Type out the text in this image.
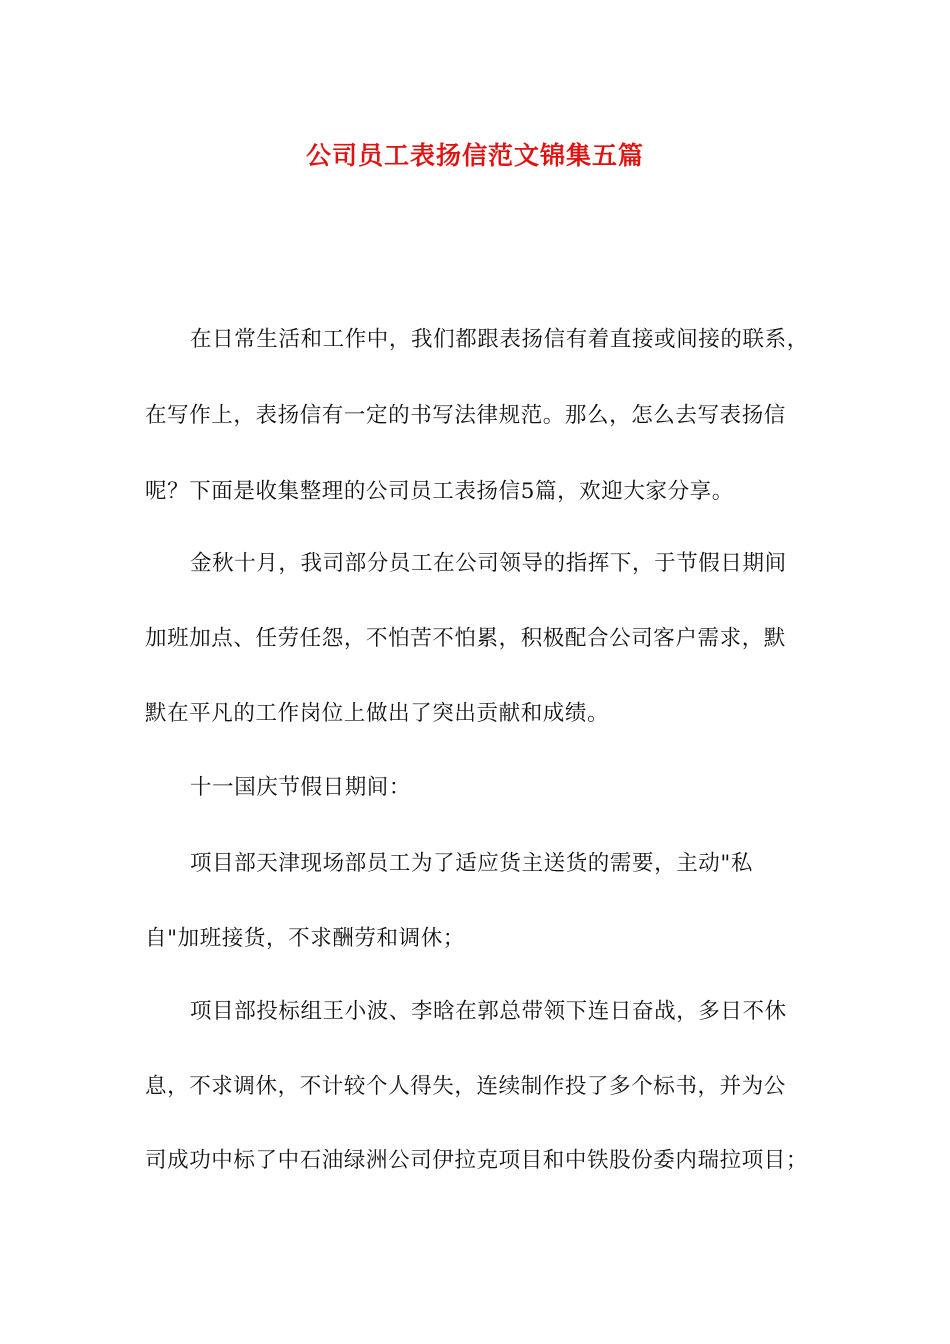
公司员工表扬信范文锦集五篇
在日常生活和工作中，我们都跟表扬信有着直接或间接的联系，
在写作上，表扬信有一定的书写法律规范。那么，怎么去写表扬信
呢？下面是收集整理的公司员工表扬信5篇，欢迎大家分享。
金秋十月，我司部分员工在公司领导的指挥下，于节假日期间
加班加点、任劳任怨，不怕苦不怕累，积极配合公司客户需求，默
默在平凡的工作岗位上做出了突出贡献和成绩。
十一国庆节假日期间：
项目部天津现场部员工为了适应货主送货的需要，主动"私
自"加班接货，不求酬劳和调休；
项目部投标组王小波、李晗在郭总带领下连日奋战，多日不休
息，不求调休，不计较个人得失，连续制作投了多个标书，并为公
司成功中标了中石油绿洲公司伊拉克项目和中铁股份委内瑞拉项目；
